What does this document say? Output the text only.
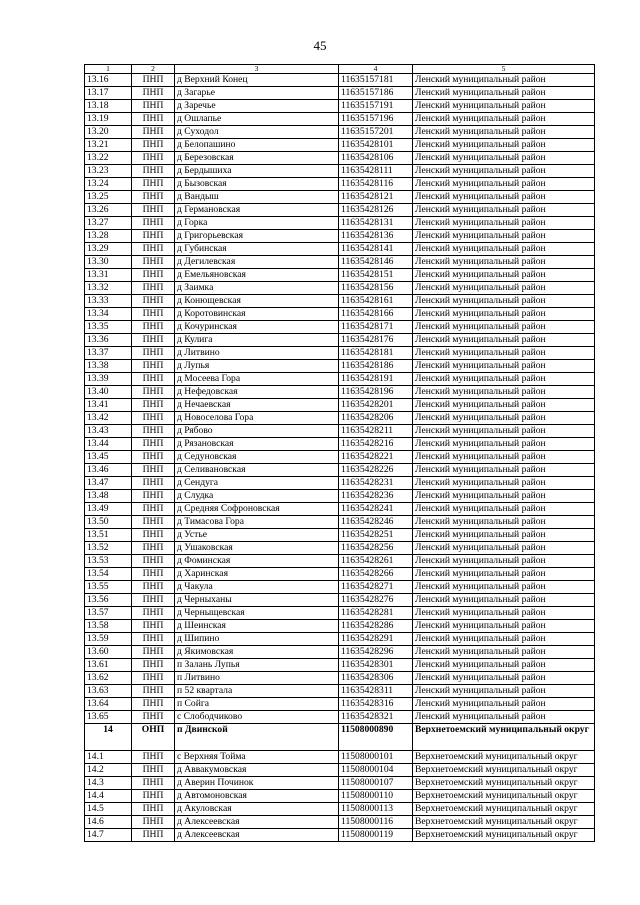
45
1	2	3	4	5
13.16	ПНП	д Верхний Конец	11635157181	Ленский муниципальный район
13.17	ПНП	д Загарье	11635157186	Ленский муниципальный район
13.18	ПНП	д Заречье	11635157191	Ленский муниципальный район
13.19	ПНП	д Ошлапье	11635157196	Ленский муниципальный район
13.20	ПНП	д Суходол	11635157201	Ленский муниципальный район
13.21	ПНП	д Белопашино	11635428101	Ленский муниципальный район
13.22	ПНП	д Березовская	11635428106	Ленский муниципальный район
13.23	ПНП	д Бердышиха	11635428111	Ленский муниципальный район
13.24	ПНП	д Бызовская	11635428116	Ленский муниципальный район
13.25	ПНП	д Вандыш	11635428121	Ленский муниципальный район
13.26	ПНП	д Германовская	11635428126	Ленский муниципальный район
13.27	ПНП	д Горка	11635428131	Ленский муниципальный район
13.28	ПНП	д Григорьевская	11635428136	Ленский муниципальный район
13.29	ПНП	д Губинская	11635428141	Ленский муниципальный район
13.30	ПНП	д Дегилевская	11635428146	Ленский муниципальный район
13.31	ПНП	д Емельяновская	11635428151	Ленский муниципальный район
13.32	ПНП	д Заимка	11635428156	Ленский муниципальный район
13.33	ПНП	д Конющевская	11635428161	Ленский муниципальный район
13.34	ПНП	д Коротовинская	11635428166	Ленский муниципальный район
13.35	ПНП	д Кочуринская	11635428171	Ленский муниципальный район
13.36	ПНП	д Кулига	11635428176	Ленский муниципальный район
13.37	ПНП	д Литвино	11635428181	Ленский муниципальный район
13.38	ПНП	д Лупья	11635428186	Ленский муниципальный район
13.39	ПНП	д Мосеева Гора	11635428191	Ленский муниципальный район
13.40	ПНП	д Нефедовская	11635428196	Ленский муниципальный район
13.41	ПНП	д Нечаевская	11635428201	Ленский муниципальный район
13.42	ПНП	д Новоселова Гора	11635428206	Ленский муниципальный район
13.43	ПНП	д Рябово	11635428211	Ленский муниципальный район
13.44	ПНП	д Рязановская	11635428216	Ленский муниципальный район
13.45	ПНП	д Седуновская	11635428221	Ленский муниципальный район
13.46	ПНП	д Селивановская	11635428226	Ленский муниципальный район
13.47	ПНП	д Сендуга	11635428231	Ленский муниципальный район
13.48	ПНП	д Слудка	11635428236	Ленский муниципальный район
13.49	ПНП	д Средняя Софроновская	11635428241	Ленский муниципальный район
13.50	ПНП	д Тимасова Гора	11635428246	Ленский муниципальный район
13.51	ПНП	д Устье	11635428251	Ленский муниципальный район
13.52	ПНП	д Ушаковская	11635428256	Ленский муниципальный район
13.53	ПНП	д Фоминская	11635428261	Ленский муниципальный район
13.54	ПНП	д Харинская	11635428266	Ленский муниципальный район
13.55	ПНП	д Чакула	11635428271	Ленский муниципальный район
13.56	ПНП	д Черныханы	11635428276	Ленский муниципальный район
13.57	ПНП	д Черныщевская	11635428281	Ленский муниципальный район
13.58	ПНП	д Шеинская	11635428286	Ленский муниципальный район
13.59	ПНП	д Шипино	11635428291	Ленский муниципальный район
13.60	ПНП	д Якимовская	11635428296	Ленский муниципальный район
13.61	ПНП	п Залань Лупья	11635428301	Ленский муниципальный район
13.62	ПНП	п Литвино	11635428306	Ленский муниципальный район
13.63	ПНП	п 52 квартала	11635428311	Ленский муниципальный район
13.64	ПНП	п Сойга	11635428316	Ленский муниципальный район
13.65	ПНП	с Слободчиково	11635428321	Ленский муниципальный район
14	ОНП	п Двинской	11508000890	Верхнетоемский муниципальный округ
14.1	ПНП	с Верхняя Тойма	11508000101	Верхнетоемский муниципальный округ
14.2	ПНП	д Аввакумовская	11508000104	Верхнетоемский муниципальный округ
14.3	ПНП	д Аверин Починок	11508000107	Верхнетоемский муниципальный округ
14.4	ПНП	д Автомоновская	11508000110	Верхнетоемский муниципальный округ
14.5	ПНП	д Акуловская	11508000113	Верхнетоемский муниципальный округ
14.6	ПНП	д Алексеевская	11508000116	Верхнетоемский муниципальный округ
14.7	ПНП	д Алексеевская	11508000119	Верхнетоемский муниципальный округ
